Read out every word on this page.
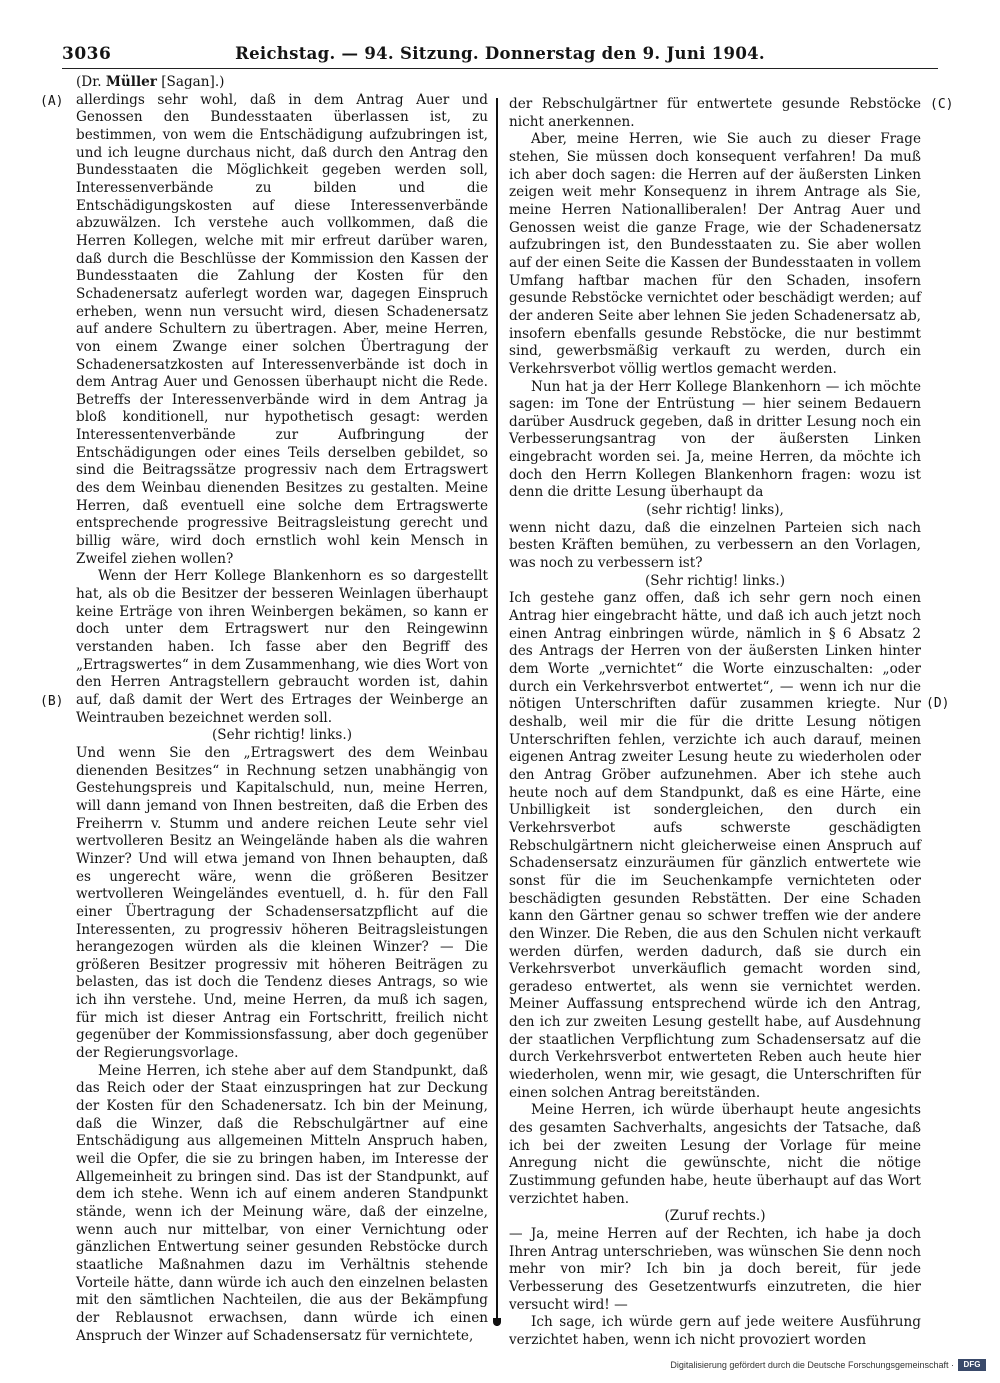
3036	Reichstag. — 94. Sitzung. Donnerstag den 9. Juni 1904.
(Dr. Müller [Sagan].)

allerdings sehr wohl, daß in dem Antrag Auer und Genossen den Bundesstaaten überlassen ist, zu bestimmen, von wem die Entschädigung aufzubringen ist, und ich leugne durchaus nicht, daß durch den Antrag den Bundesstaaten die Möglichkeit gegeben werden soll, Interessenverbände zu bilden und die Entschädigungskosten auf diese Interessenverbände abzuwälzen. Ich verstehe auch vollkommen, daß die Herren Kollegen, welche mit mir erfreut darüber waren, daß durch die Beschlüsse der Kommission den Kassen der Bundesstaaten die Zahlung der Kosten für den Schadenersatz auferlegt worden war, dagegen Einspruch erheben, wenn nun versucht wird, diesen Schadenersatz auf andere Schultern zu übertragen. Aber, meine Herren, von einem Zwange einer solchen Übertragung der Schadenersatzkosten auf Interessenverbände ist doch in dem Antrag Auer und Genossen überhaupt nicht die Rede. Betreffs der Interessenverbände wird in dem Antrag ja bloß konditionell, nur hypothetisch gesagt: werden Interessentenverbände zur Aufbringung der Entschädigungen oder eines Teils derselben gebildet, so sind die Beitragssätze progressiv nach dem Ertragswert des dem Weinbau dienenden Besitzes zu gestalten. Meine Herren, daß eventuell eine solche dem Ertragswerte entsprechende progressive Beitragsleistung gerecht und billig wäre, wird doch ernstlich wohl kein Mensch in Zweifel ziehen wollen?

Wenn der Herr Kollege Blankenhorn es so dargestellt hat, als ob die Besitzer der besseren Weinlagen überhaupt keine Erträge von ihren Weinbergen bekämen, so kann er doch unter dem Ertragswert nur den Reingewinn verstanden haben. Ich fasse aber den Begriff des „Ertragswertes“ in dem Zusammenhang, wie dies Wort von den Herren Antragstellern gebraucht worden ist, dahin auf, daß damit der Wert des Ertrages der Weinberge an Weintrauben bezeichnet werden soll.

(Sehr richtig! links.)

Und wenn Sie den „Ertragswert des dem Weinbau dienenden Besitzes“ in Rechnung setzen unabhängig von Gestehungspreis und Kapitalschuld, nun, meine Herren, will dann jemand von Ihnen bestreiten, daß die Erben des Freiherrn v. Stumm und andere reichen Leute sehr viel wertvolleren Besitz an Weingelände haben als die wahren Winzer? Und will etwa jemand von Ihnen behaupten, daß es ungerecht wäre, wenn die größeren Besitzer wertvolleren Weingeländes eventuell, d. h. für den Fall einer Übertragung der Schadensersatzpflicht auf die Interessenten, zu progressiv höheren Beitragsleistungen herangezogen würden als die kleinen Winzer? — Die größeren Besitzer progressiv mit höheren Beiträgen zu belasten, das ist doch die Tendenz dieses Antrags, so wie ich ihn verstehe. Und, meine Herren, da muß ich sagen, für mich ist dieser Antrag ein Fortschritt, freilich nicht gegenüber der Kommissionsfassung, aber doch gegenüber der Regierungsvorlage.

Meine Herren, ich stehe aber auf dem Standpunkt, daß das Reich oder der Staat einzuspringen hat zur Deckung der Kosten für den Schadenersatz. Ich bin der Meinung, daß die Winzer, daß die Rebschulgärtner auf eine Entschädigung aus allgemeinen Mitteln Anspruch haben, weil die Opfer, die sie zu bringen haben, im Interesse der Allgemeinheit zu bringen sind. Das ist der Standpunkt, auf dem ich stehe. Wenn ich auf einem anderen Standpunkt stände, wenn ich der Meinung wäre, daß der einzelne, wenn auch nur mittelbar, von einer Vernichtung oder gänzlichen Entwertung seiner gesunden Rebstöcke durch staatliche Maßnahmen dazu im Verhältnis stehende Vorteile hätte, dann würde ich auch den einzelnen belasten mit den sämtlichen Nachteilen, die aus der Bekämpfung der Reblausnot erwachsen, dann würde ich einen Anspruch der Winzer auf Schadensersatz für vernichtete,

der Rebschulgärtner für entwertete gesunde Rebstöcke nicht anerkennen.

Aber, meine Herren, wie Sie auch zu dieser Frage stehen, Sie müssen doch konsequent verfahren! Da muß ich aber doch sagen: die Herren auf der äußersten Linken zeigen weit mehr Konsequenz in ihrem Antrage als Sie, meine Herren Nationalliberalen! Der Antrag Auer und Genossen weist die ganze Frage, wie der Schadenersatz aufzubringen ist, den Bundesstaaten zu. Sie aber wollen auf der einen Seite die Kassen der Bundesstaaten in vollem Umfang haftbar machen für den Schaden, insofern gesunde Rebstöcke vernichtet oder beschädigt werden; auf der anderen Seite aber lehnen Sie jeden Schadenersatz ab, insofern ebenfalls gesunde Rebstöcke, die nur bestimmt sind, gewerbsmäßig verkauft zu werden, durch ein Verkehrsverbot völlig wertlos gemacht werden.

Nun hat ja der Herr Kollege Blankenhorn — ich möchte sagen: im Tone der Entrüstung — hier seinem Bedauern darüber Ausdruck gegeben, daß in dritter Lesung noch ein Verbesserungsantrag von der äußersten Linken eingebracht worden sei. Ja, meine Herren, da möchte ich doch den Herrn Kollegen Blankenhorn fragen: wozu ist denn die dritte Lesung überhaupt da

(sehr richtig! links),

wenn nicht dazu, daß die einzelnen Parteien sich nach besten Kräften bemühen, zu verbessern an den Vorlagen, was noch zu verbessern ist?

(Sehr richtig! links.)

Ich gestehe ganz offen, daß ich sehr gern noch einen Antrag hier eingebracht hätte, und daß ich auch jetzt noch einen Antrag einbringen würde, nämlich in § 6 Absatz 2 des Antrags der Herren von der äußersten Linken hinter dem Worte „vernichtet“ die Worte einzuschalten: „oder durch ein Verkehrsverbot entwertet“, — wenn ich nur die nötigen Unterschriften dafür zusammen kriegte. Nur deshalb, weil mir die für die dritte Lesung nötigen Unterschriften fehlen, verzichte ich auch darauf, meinen eigenen Antrag zweiter Lesung heute zu wiederholen oder den Antrag Gröber aufzunehmen. Aber ich stehe auch heute noch auf dem Standpunkt, daß es eine Härte, eine Unbilligkeit ist sondergleichen, den durch ein Verkehrsverbot aufs schwerste geschädigten Rebschulgärtnern nicht gleicherweise einen Anspruch auf Schadensersatz einzuräumen für gänzlich entwertete wie sonst für die im Seuchenkampfe vernichteten oder beschädigten gesunden Rebstätten. Der eine Schaden kann den Gärtner genau so schwer treffen wie der andere den Winzer. Die Reben, die aus den Schulen nicht verkauft werden dürfen, werden dadurch, daß sie durch ein Verkehrsverbot unverkäuflich gemacht worden sind, geradeso entwertet, als wenn sie vernichtet werden. Meiner Auffassung entsprechend würde ich den Antrag, den ich zur zweiten Lesung gestellt habe, auf Ausdehnung der staatlichen Verpflichtung zum Schadensersatz auf die durch Verkehrsverbot entwerteten Reben auch heute hier wiederholen, wenn mir, wie gesagt, die Unterschriften für einen solchen Antrag bereitständen.

Meine Herren, ich würde überhaupt heute angesichts des gesamten Sachverhalts, angesichts der Tatsache, daß ich bei der zweiten Lesung der Vorlage für meine Anregung nicht die gewünschte, nicht die nötige Zustimmung gefunden habe, heute überhaupt auf das Wort verzichtet haben.

(Zuruf rechts.)

— Ja, meine Herren auf der Rechten, ich habe ja doch Ihren Antrag unterschrieben, was wünschen Sie denn noch mehr von mir? Ich bin ja doch bereit, für jede Verbesserung des Gesetzentwurfs einzutreten, die hier versucht wird! —

Ich sage, ich würde gern auf jede weitere Ausführung verzichtet haben, wenn ich nicht provoziert worden

(A)
(B)
(C)
(D)
Digitalisierung gefördert durch die Deutsche Forschungsgemeinschaft ·	DFG
